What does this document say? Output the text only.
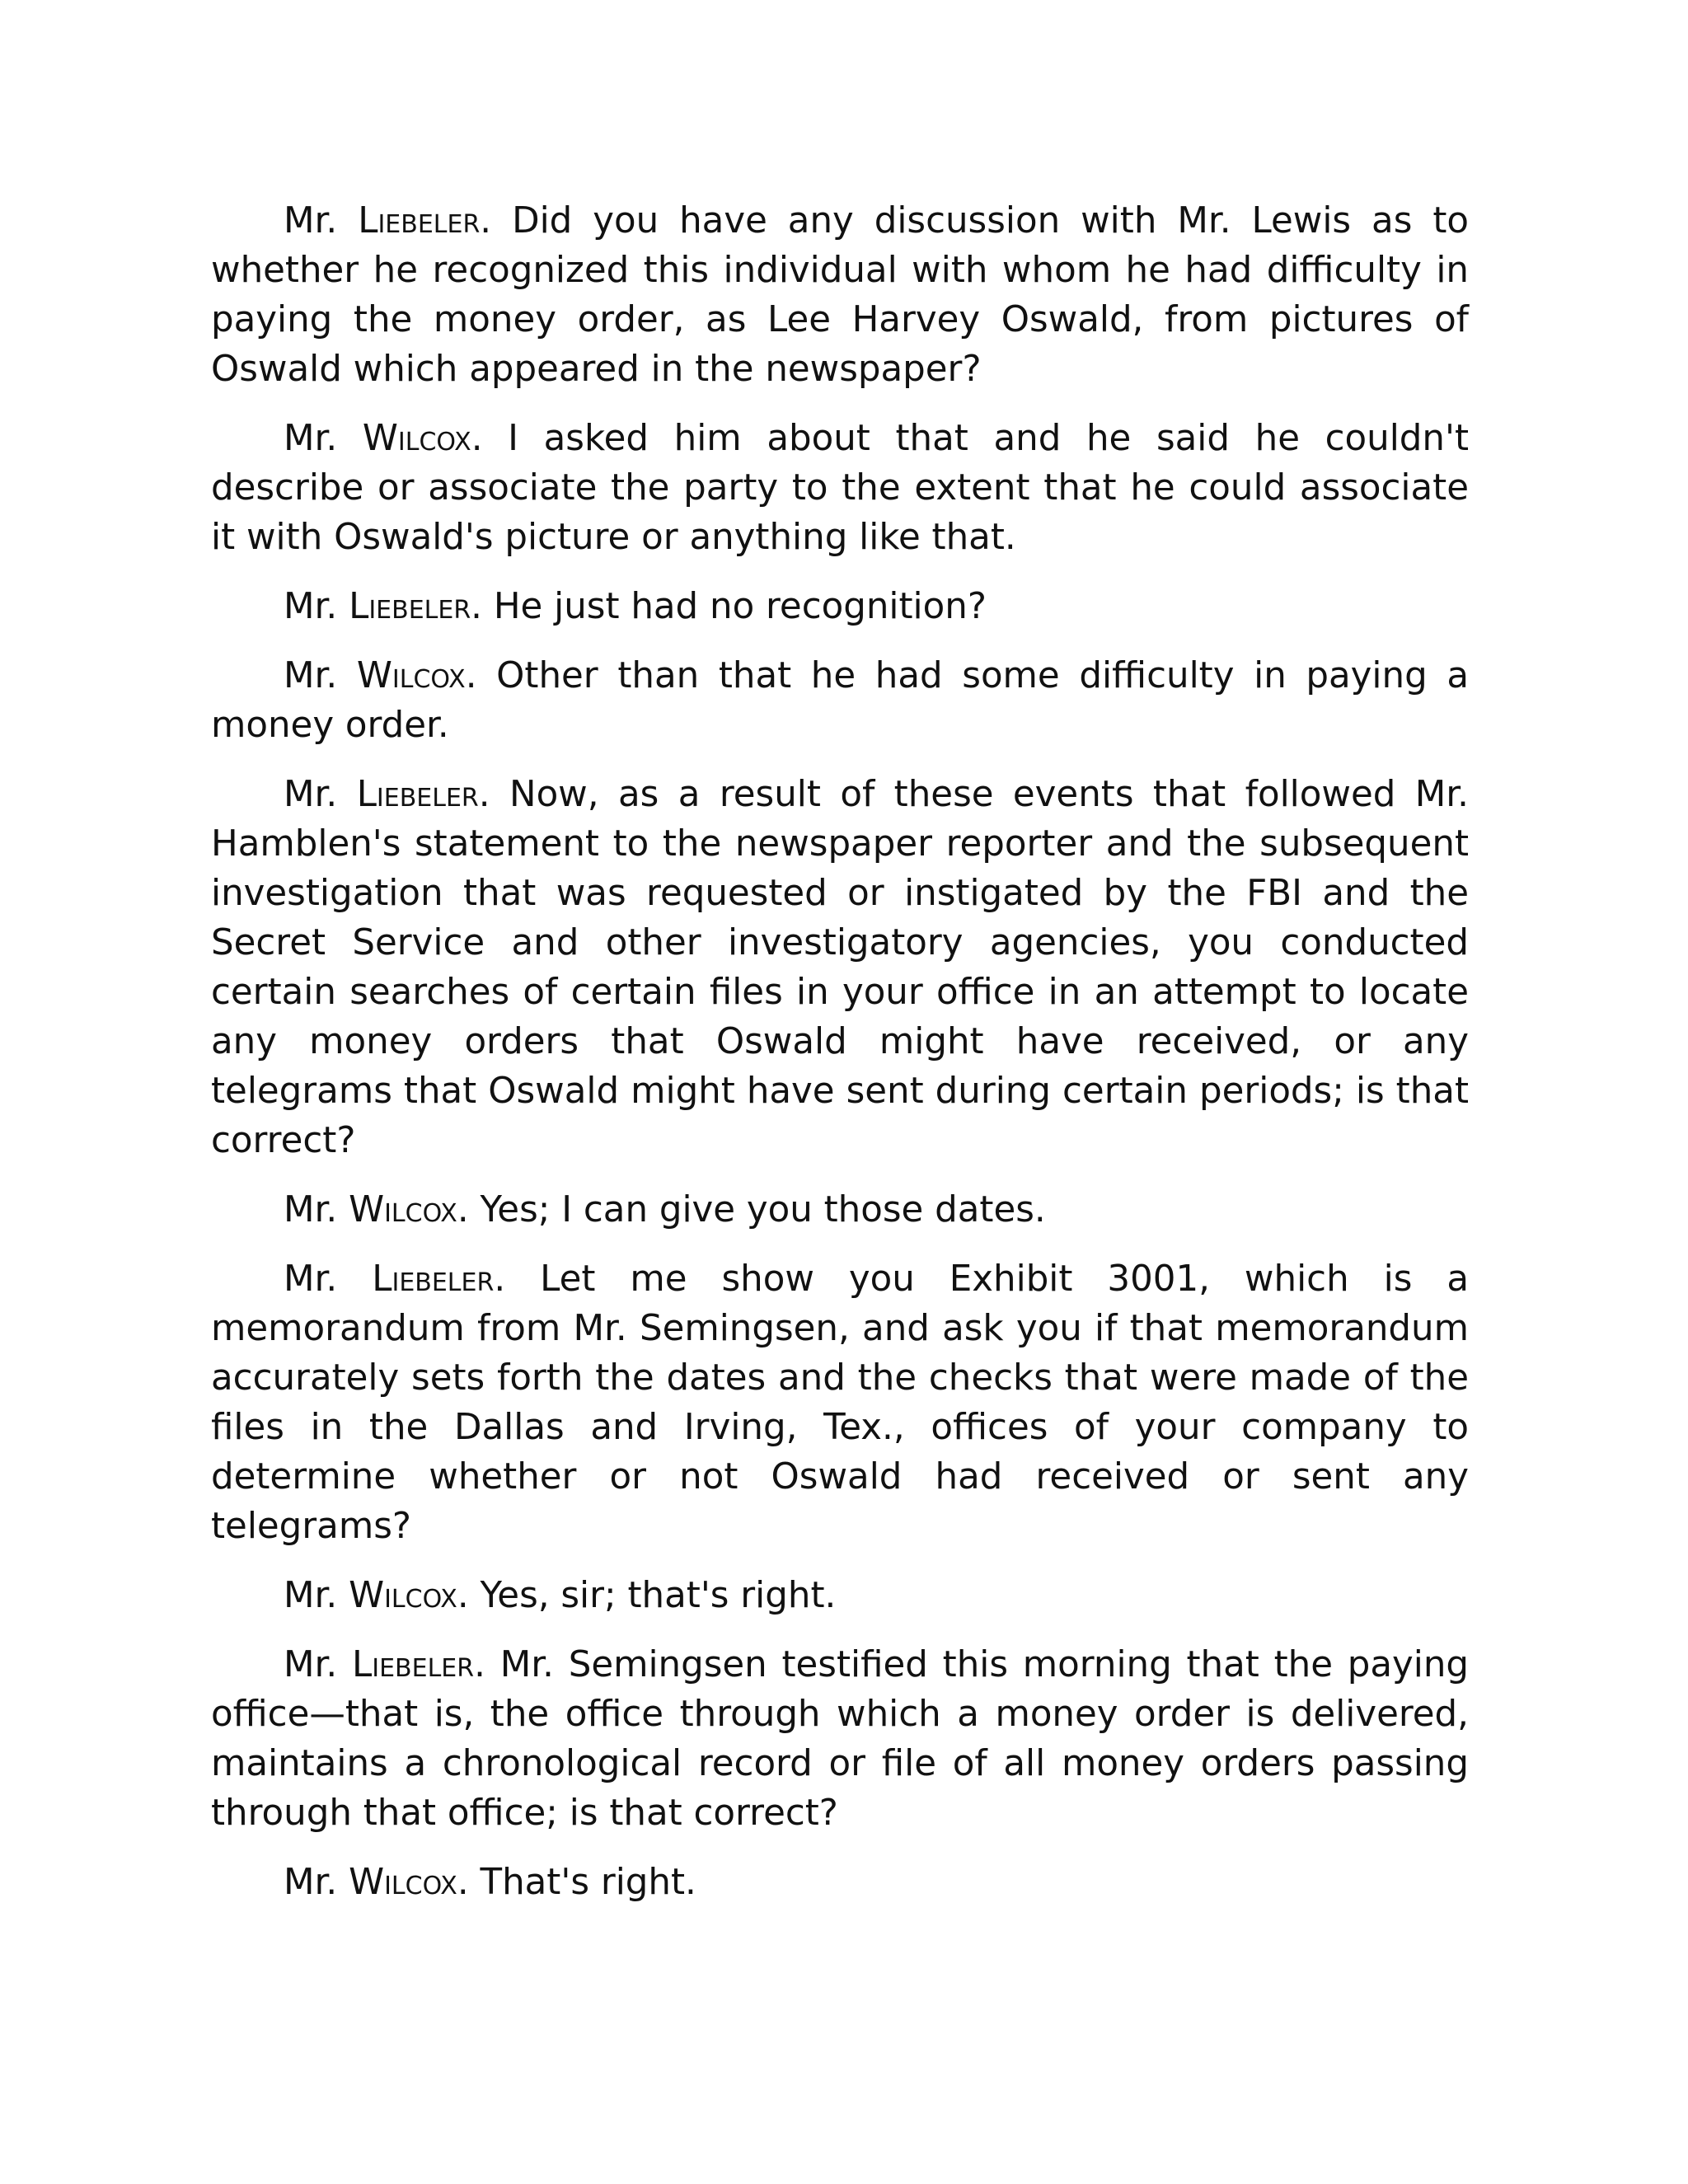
Mr. Liebeler. Did you have any discussion with Mr. Lewis as to whether he recognized this individual with whom he had difficulty in paying the money order, as Lee Harvey Oswald, from pictures of Oswald which appeared in the newspaper?

Mr. Wilcox. I asked him about that and he said he couldn't describe or associate the party to the extent that he could associate it with Oswald's picture or anything like that.

Mr. Liebeler. He just had no recognition?

Mr. Wilcox. Other than that he had some difficulty in paying a money order.

Mr. Liebeler. Now, as a result of these events that followed Mr. Hamblen's statement to the newspaper reporter and the subsequent investigation that was requested or instigated by the FBI and the Secret Service and other investigatory agencies, you conducted certain searches of certain files in your office in an attempt to locate any money orders that Oswald might have received, or any telegrams that Oswald might have sent during certain periods; is that correct?

Mr. Wilcox. Yes; I can give you those dates.

Mr. Liebeler. Let me show you Exhibit 3001, which is a memorandum from Mr. Semingsen, and ask you if that memorandum accurately sets forth the dates and the checks that were made of the files in the Dallas and Irving, Tex., offices of your company to determine whether or not Oswald had received or sent any telegrams?

Mr. Wilcox. Yes, sir; that's right.

Mr. Liebeler. Mr. Semingsen testified this morning that the paying office—that is, the office through which a money order is delivered, maintains a chronological record or file of all money orders passing through that office; is that correct?

Mr. Wilcox. That's right.
